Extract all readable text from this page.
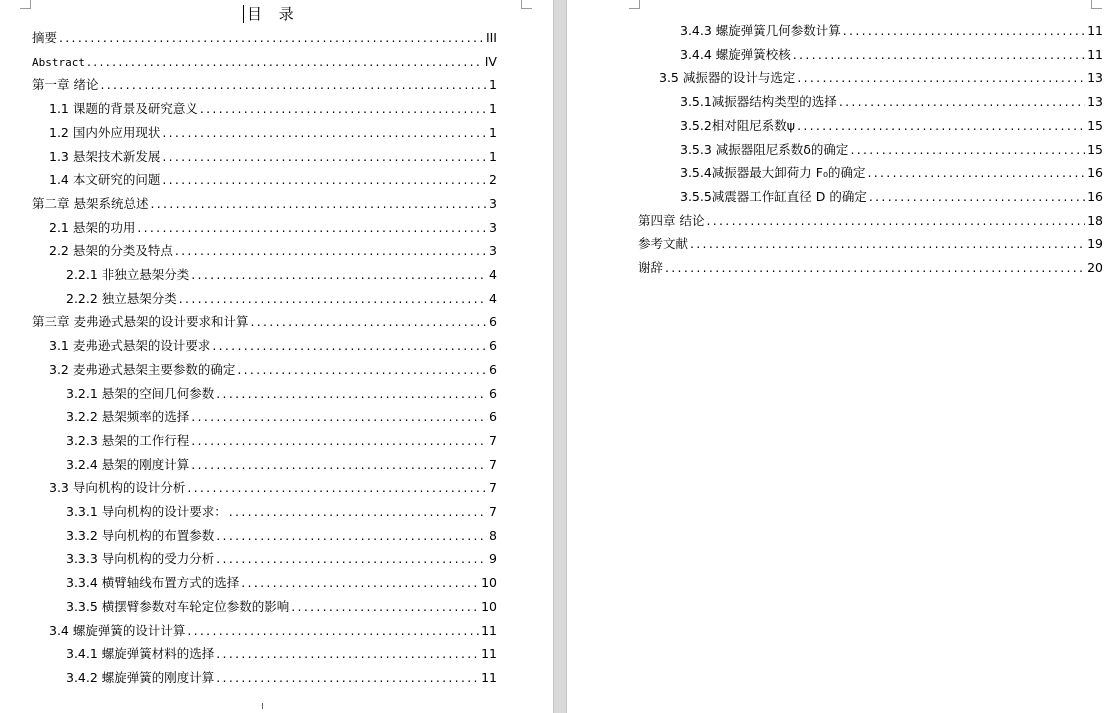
目 录
摘要 .....	III
Abstract .....	IV
第一章 绪论 .....	1
1.1 课题的背景及研究意义 .....	1
1.2 国内外应用现状 .....	1
1.3 悬架技术新发展 .....	1
1.4 本文研究的问题 .....	2
第二章 悬架系统总述 .....	3
2.1 悬架的功用 .....	3
2.2 悬架的分类及特点 .....	3
2.2.1 非独立悬架分类 .....	4
2.2.2 独立悬架分类 .....	4
第三章 麦弗逊式悬架的设计要求和计算 .....	6
3.1 麦弗逊式悬架的设计要求 .....	6
3.2 麦弗逊式悬架主要参数的确定 .....	6
3.2.1 悬架的空间几何参数 .....	6
3.2.2 悬架频率的选择 .....	6
3.2.3 悬架的工作行程 .....	7
3.2.4 悬架的刚度计算 .....	7
3.3 导向机构的设计分析 .....	7
3.3.1 导向机构的设计要求： .....	7
3.3.2 导向机构的布置参数 .....	8
3.3.3 导向机构的受力分析 .....	9
3.3.4 横臂轴线布置方式的选择 .....	10
3.3.5 横摆臂参数对车轮定位参数的影响 .....	10
3.4 螺旋弹簧的设计计算 .....	11
3.4.1 螺旋弹簧材料的选择 .....	11
3.4.2 螺旋弹簧的刚度计算 .....	11
3.4.3 螺旋弹簧几何参数计算 .....	11
3.4.4 螺旋弹簧校核 .....	11
3.5 减振器的设计与选定 .....	13
3.5.1减振器结构类型的选择 .....	13
3.5.2相对阻尼系数ψ .....	15
3.5.3 减振器阻尼系数δ的确定 .....	15
3.5.4减振器最大卸荷力 F₀的确定 .....	16
3.5.5减震器工作缸直径 D 的确定 .....	16
第四章 结论 .....	18
参考文献 .....	19
谢辞 .....	20
